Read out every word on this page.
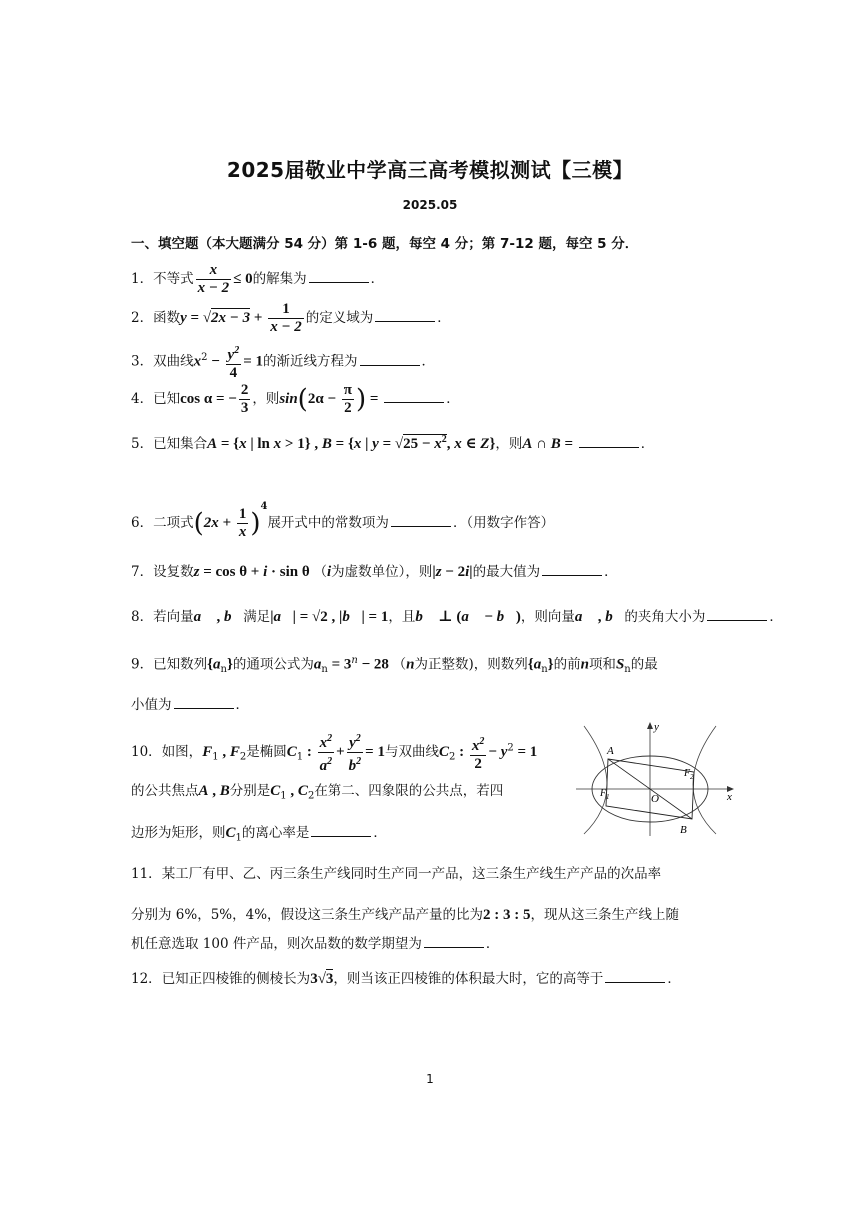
2025届敬业中学高三高考模拟测试【三模】
2025.05
一、填空题（本大题满分 54 分）第 1-6 题，每空 4 分；第 7-12 题，每空 5 分．
1．不等式 $\frac{x}{x - 2} \le 0$的解集为	．
2．函数$y = √2x - 3 + \frac{1}{x - 2}$ 的定义域为	．
3．双曲线$x^2 - \frac{y^2}{4} = 1$的渐近线方程为	．
4．已知cos α = − $\frac{2}{3}$ ，则$\sin(2\alpha - \frac{\pi}{2}$ ) =	．
5．已知集合A = {x | ln x > 1} , B = {x | $y = √25 - x^2$, x ∈ Z}，则A ∩ B =	．
6．二项式$(2x + \frac{1}{x} )^4$展开式中的常数项为	．（用数字作答）
7．设复数z = cos θ + i · sin θ （i为虚数单位），则|z − 2i|的最大值为	．
8．若向量a⃗ , b⃗满足|a⃗| = √2 , |b⃗| = 1，且b⃗ ⊥ (a⃗ − b⃗)，则向量a⃗ , b⃗的夹角大小为	．
9．已知数列$\{a_n\}$的通项公式为$a_n = 3^n - 28$ （n为正整数)，则数列$\{a_n\}$的前n项和$S_n$的最
小值为	．
10．如图，$F_1$ , $F_2$是椭圆$C_1$ : $\frac{x^2}{a^2} + \frac{y^2}{b^2} = 1$与双曲线$C_2$ : $\frac{x^2}{2} - y^2 = 1$
的公共焦点A , B分别是$C_1$ , $C_2$在第二、四象限的公共点，若四
边形为矩形，则$C_1$的离心率是	．
y
x
O
A
B
F 1
F 2
11．某工厂有甲、乙、丙三条生产线同时生产同一产品，这三条生产线生产产品的次品率
分别为 6%，5%，4%，假设这三条生产线产品产量的比为2 : 3 : 5，现从这三条生产线上随
机任意选取 100 件产品，则次品数的数学期望为	．
12．已知正四棱锥的侧棱长为3√3，则当该正四棱锥的体积最大时，它的高等于	．
1
